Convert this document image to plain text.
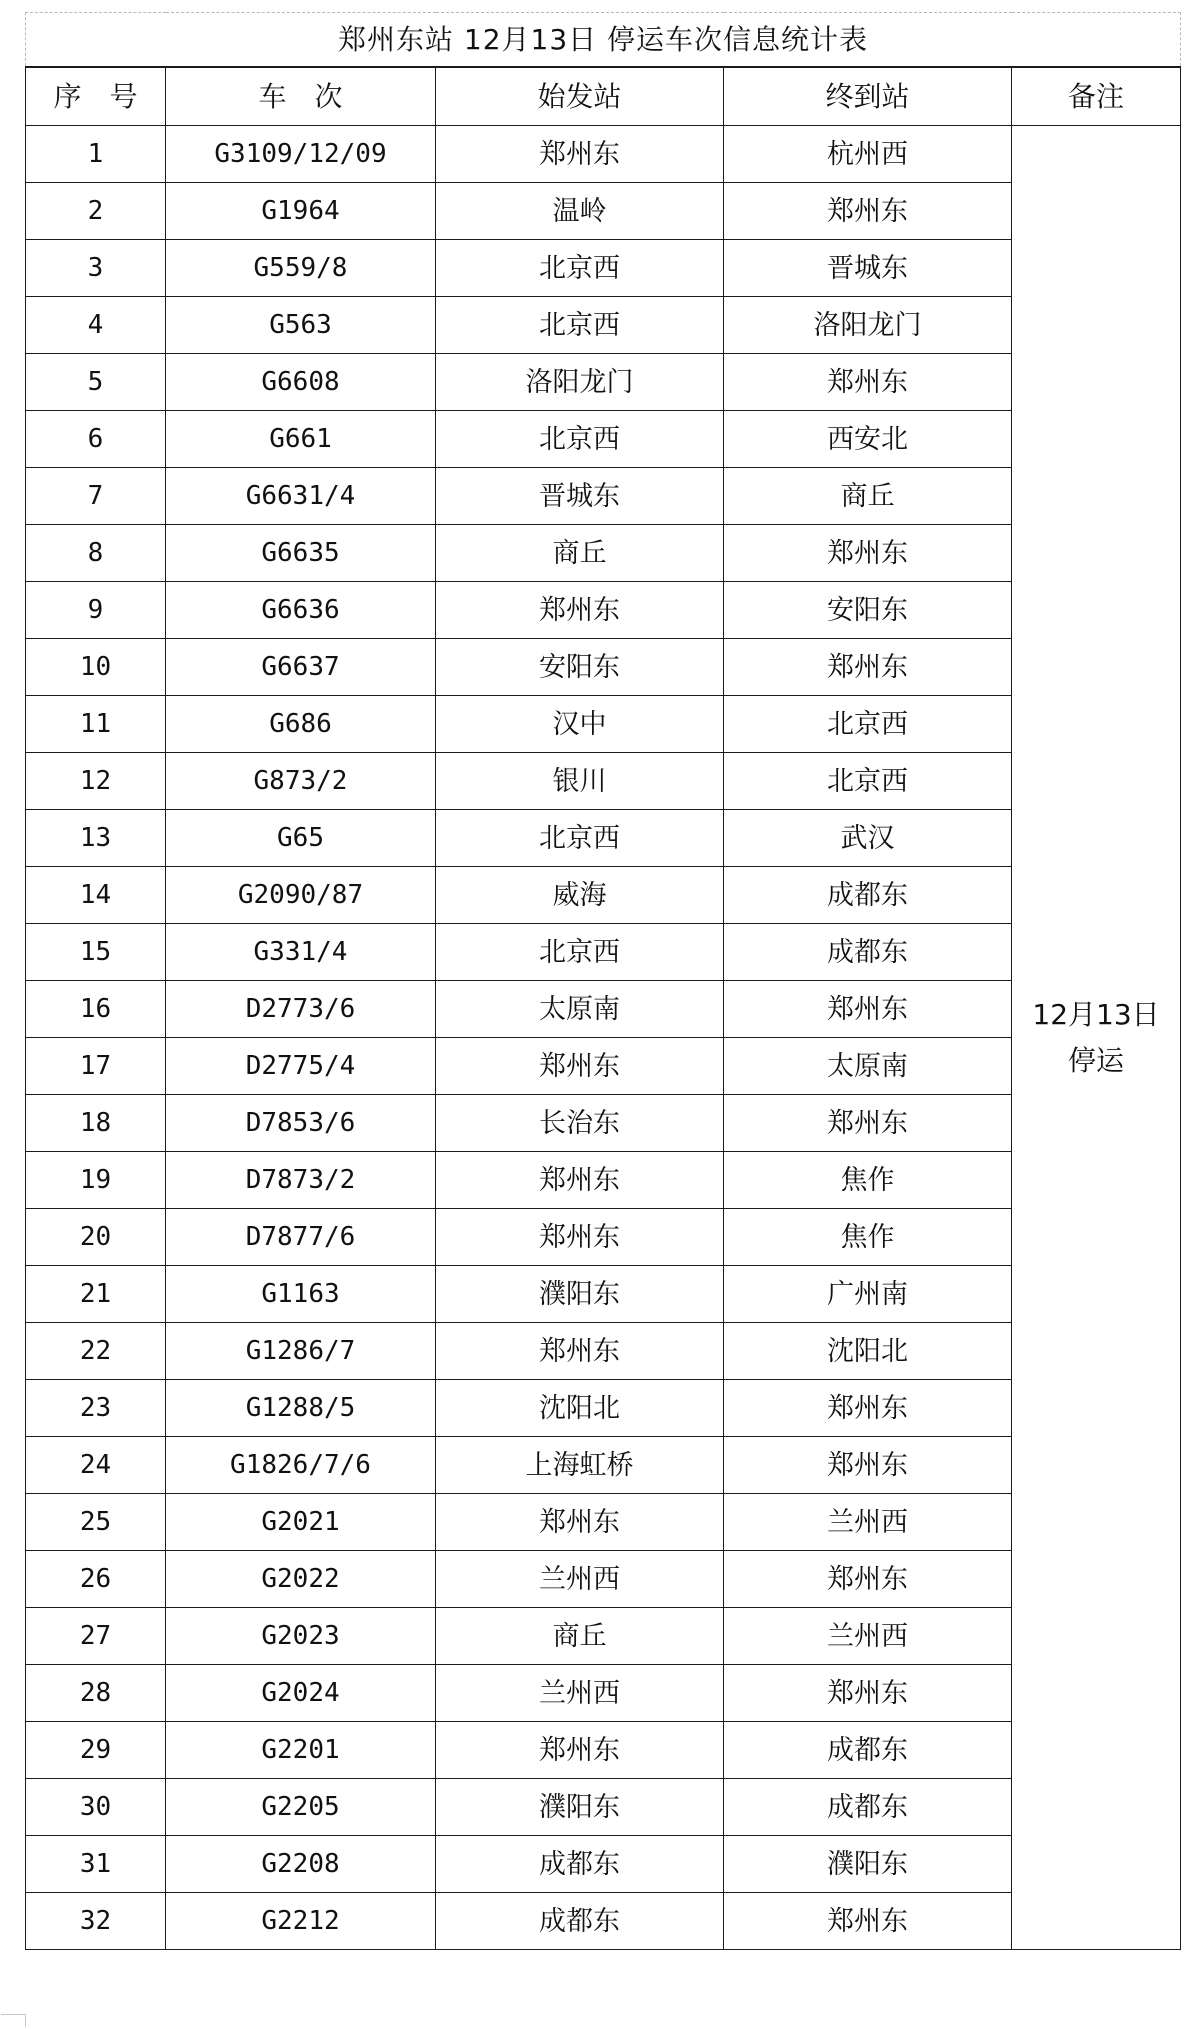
郑州东站 12月13日 停运车次信息统计表				
序　号	车　次	始发站	终到站	备注
1	G3109/12/09	郑州东	杭州西	12月13日
停运

2	G1964	温岭	郑州东	
3	G559/8	北京西	晋城东	
4	G563	北京西	洛阳龙门	
5	G6608	洛阳龙门	郑州东	
6	G661	北京西	西安北	
7	G6631/4	晋城东	商丘	
8	G6635	商丘	郑州东	
9	G6636	郑州东	安阳东	
10	G6637	安阳东	郑州东	
11	G686	汉中	北京西	
12	G873/2	银川	北京西	
13	G65	北京西	武汉	
14	G2090/87	威海	成都东	
15	G331/4	北京西	成都东	
16	D2773/6	太原南	郑州东	
17	D2775/4	郑州东	太原南	
18	D7853/6	长治东	郑州东	
19	D7873/2	郑州东	焦作	
20	D7877/6	郑州东	焦作	
21	G1163	濮阳东	广州南	
22	G1286/7	郑州东	沈阳北	
23	G1288/5	沈阳北	郑州东	
24	G1826/7/6	上海虹桥	郑州东	
25	G2021	郑州东	兰州西	
26	G2022	兰州西	郑州东	
27	G2023	商丘	兰州西	
28	G2024	兰州西	郑州东	
29	G2201	郑州东	成都东	
30	G2205	濮阳东	成都东	
31	G2208	成都东	濮阳东	
32	G2212	成都东	郑州东	
